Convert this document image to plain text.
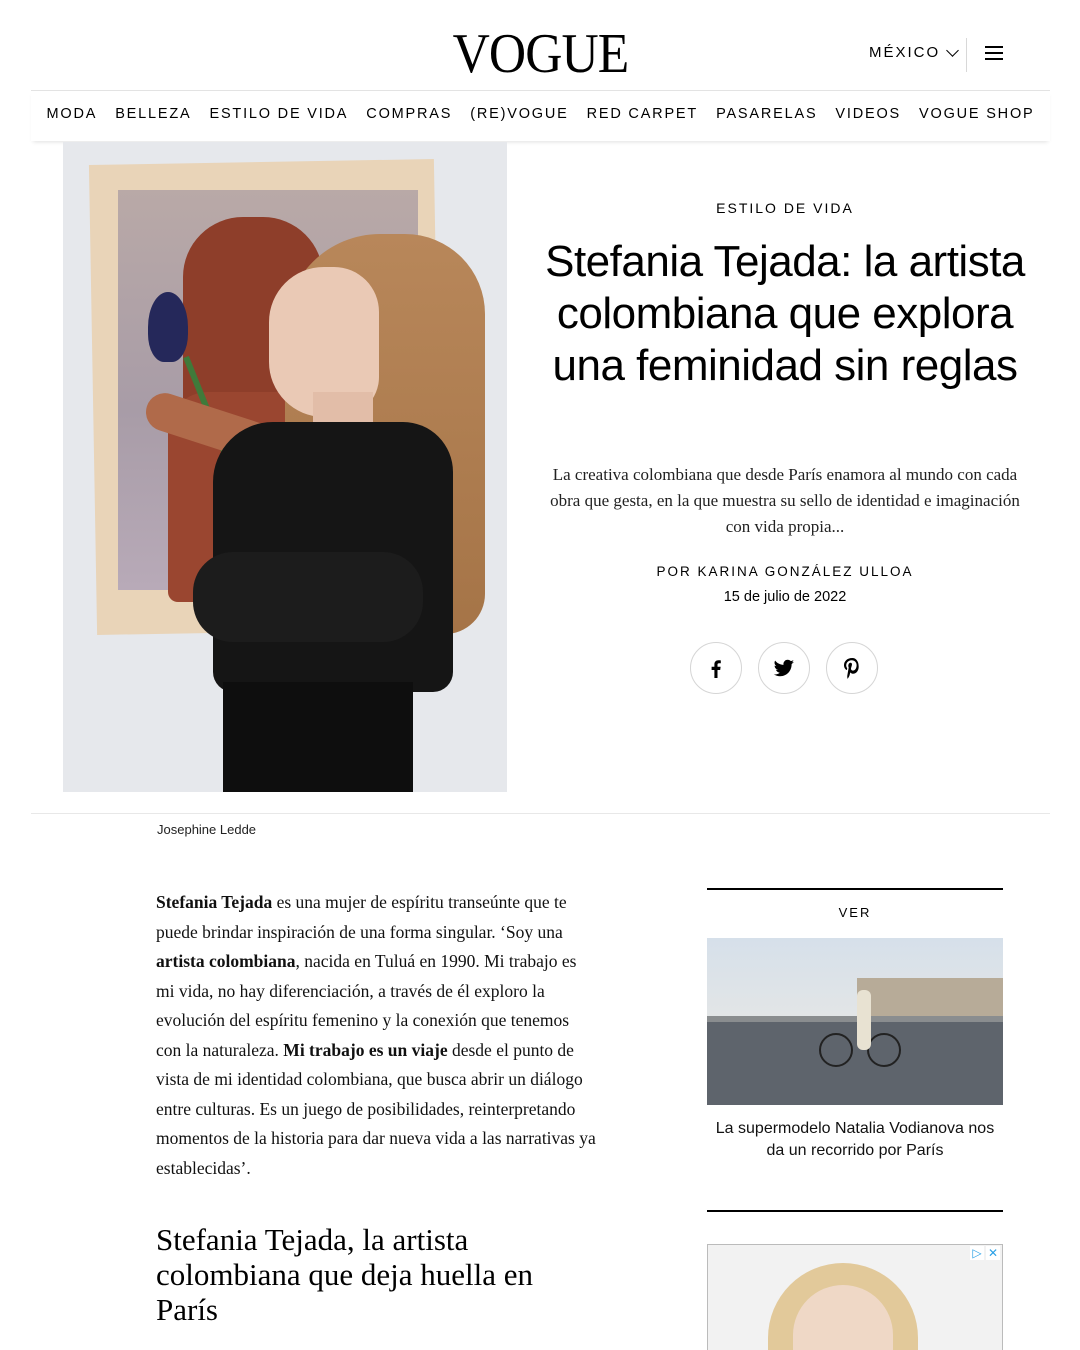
VOGUE	MÉXICO
MODA BELLEZA ESTILO DE VIDA COMPRAS (RE)VOGUE RED CARPET PASARELAS VIDEOS VOGUE SHOP
ESTILO DE VIDA
Stefania Tejada: la artista colombiana que explora una feminidad sin reglas
La creativa colombiana que desde París enamora al mundo con cada obra que gesta, en la que muestra su sello de identidad e imaginación con vida propia...
POR KARINA GONZÁLEZ ULLOA
15 de julio de 2022
Josephine Ledde

Stefania Tejada es una mujer de espíritu transeúnte que te puede brindar inspiración de una forma singular. ‘Soy una artista colombiana, nacida en Tuluá en 1990. Mi trabajo es mi vida, no hay diferenciación, a través de él exploro la evolución del espíritu femenino y la conexión que tenemos con la naturaleza. Mi trabajo es un viaje desde el punto de vista de mi identidad colombiana, que busca abrir un diálogo entre culturas. Es un juego de posibilidades, reinterpretando momentos de la historia para dar nueva vida a las narrativas ya establecidas’.

Stefania Tejada, la artista colombiana que deja huella en París
VER
La supermodelo Natalia Vodianova nos da un recorrido por París
▷ ✕
